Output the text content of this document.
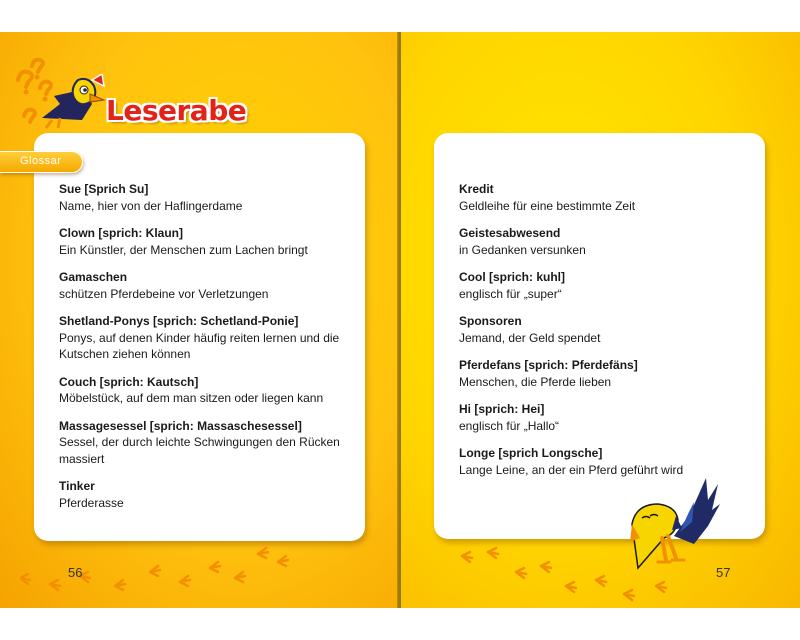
Leserabe
Sue [Sprich Su]
Name, hier von der Haflingerdame
Clown [sprich: Klaun]
Ein Künstler, der Menschen zum Lachen bringt
Gamaschen
schützen Pferdebeine vor Verletzungen
Shetland-Ponys [sprich: Schetland-Ponie]
Ponys, auf denen Kinder häufig reiten lernen und die Kutschen ziehen können
Couch [sprich: Kautsch]
Möbelstück, auf dem man sitzen oder liegen kann
Massagesessel [sprich: Massaschesessel]
Sessel, der durch leichte Schwingungen den Rücken massiert
Tinker
Pferderasse
Glossar
56
Kredit
Geldleihe für eine bestimmte Zeit
Geistesabwesend
in Gedanken versunken
Cool [sprich: kuhl]
englisch für „super“
Sponsoren
Jemand, der Geld spendet
Pferdefans [sprich: Pferdefäns]
Menschen, die Pferde lieben
Hi [sprich: Hei]
englisch für „Hallo“
Longe [sprich Longsche]
Lange Leine, an der ein Pferd geführt wird
57
